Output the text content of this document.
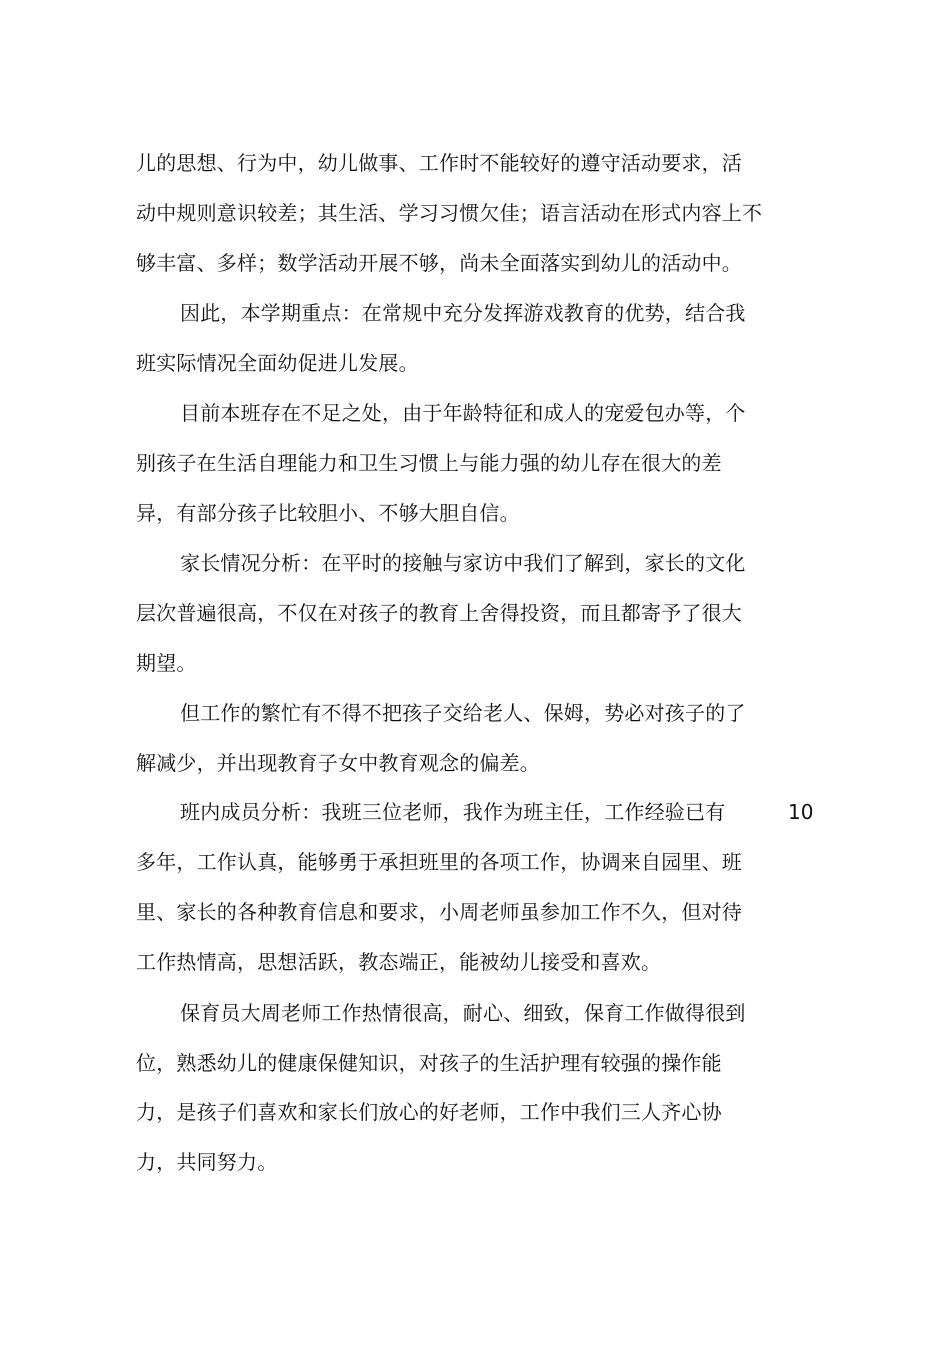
儿的思想、行为中，幼儿做事、工作时不能较好的遵守活动要求，活
动中规则意识较差；其生活、学习习惯欠佳；语言活动在形式内容上不
够丰富、多样；数学活动开展不够，尚未全面落实到幼儿的活动中。
因此，本学期重点：在常规中充分发挥游戏教育的优势，结合我
班实际情况全面幼促进儿发展。
目前本班存在不足之处，由于年龄特征和成人的宠爱包办等，个
别孩子在生活自理能力和卫生习惯上与能力强的幼儿存在很大的差
异，有部分孩子比较胆小、不够大胆自信。
家长情况分析：在平时的接触与家访中我们了解到，家长的文化
层次普遍很高，不仅在对孩子的教育上舍得投资，而且都寄予了很大
期望。
但工作的繁忙有不得不把孩子交给老人、保姆，势必对孩子的了
解减少，并出现教育子女中教育观念的偏差。
班内成员分析：我班三位老师，我作为班主任，工作经验已有	10
多年，工作认真，能够勇于承担班里的各项工作，协调来自园里、班
里、家长的各种教育信息和要求，小周老师虽参加工作不久，但对待
工作热情高，思想活跃，教态端正，能被幼儿接受和喜欢。
保育员大周老师工作热情很高，耐心、细致，保育工作做得很到
位，熟悉幼儿的健康保健知识，对孩子的生活护理有较强的操作能
力，是孩子们喜欢和家长们放心的好老师，工作中我们三人齐心协
力，共同努力。
